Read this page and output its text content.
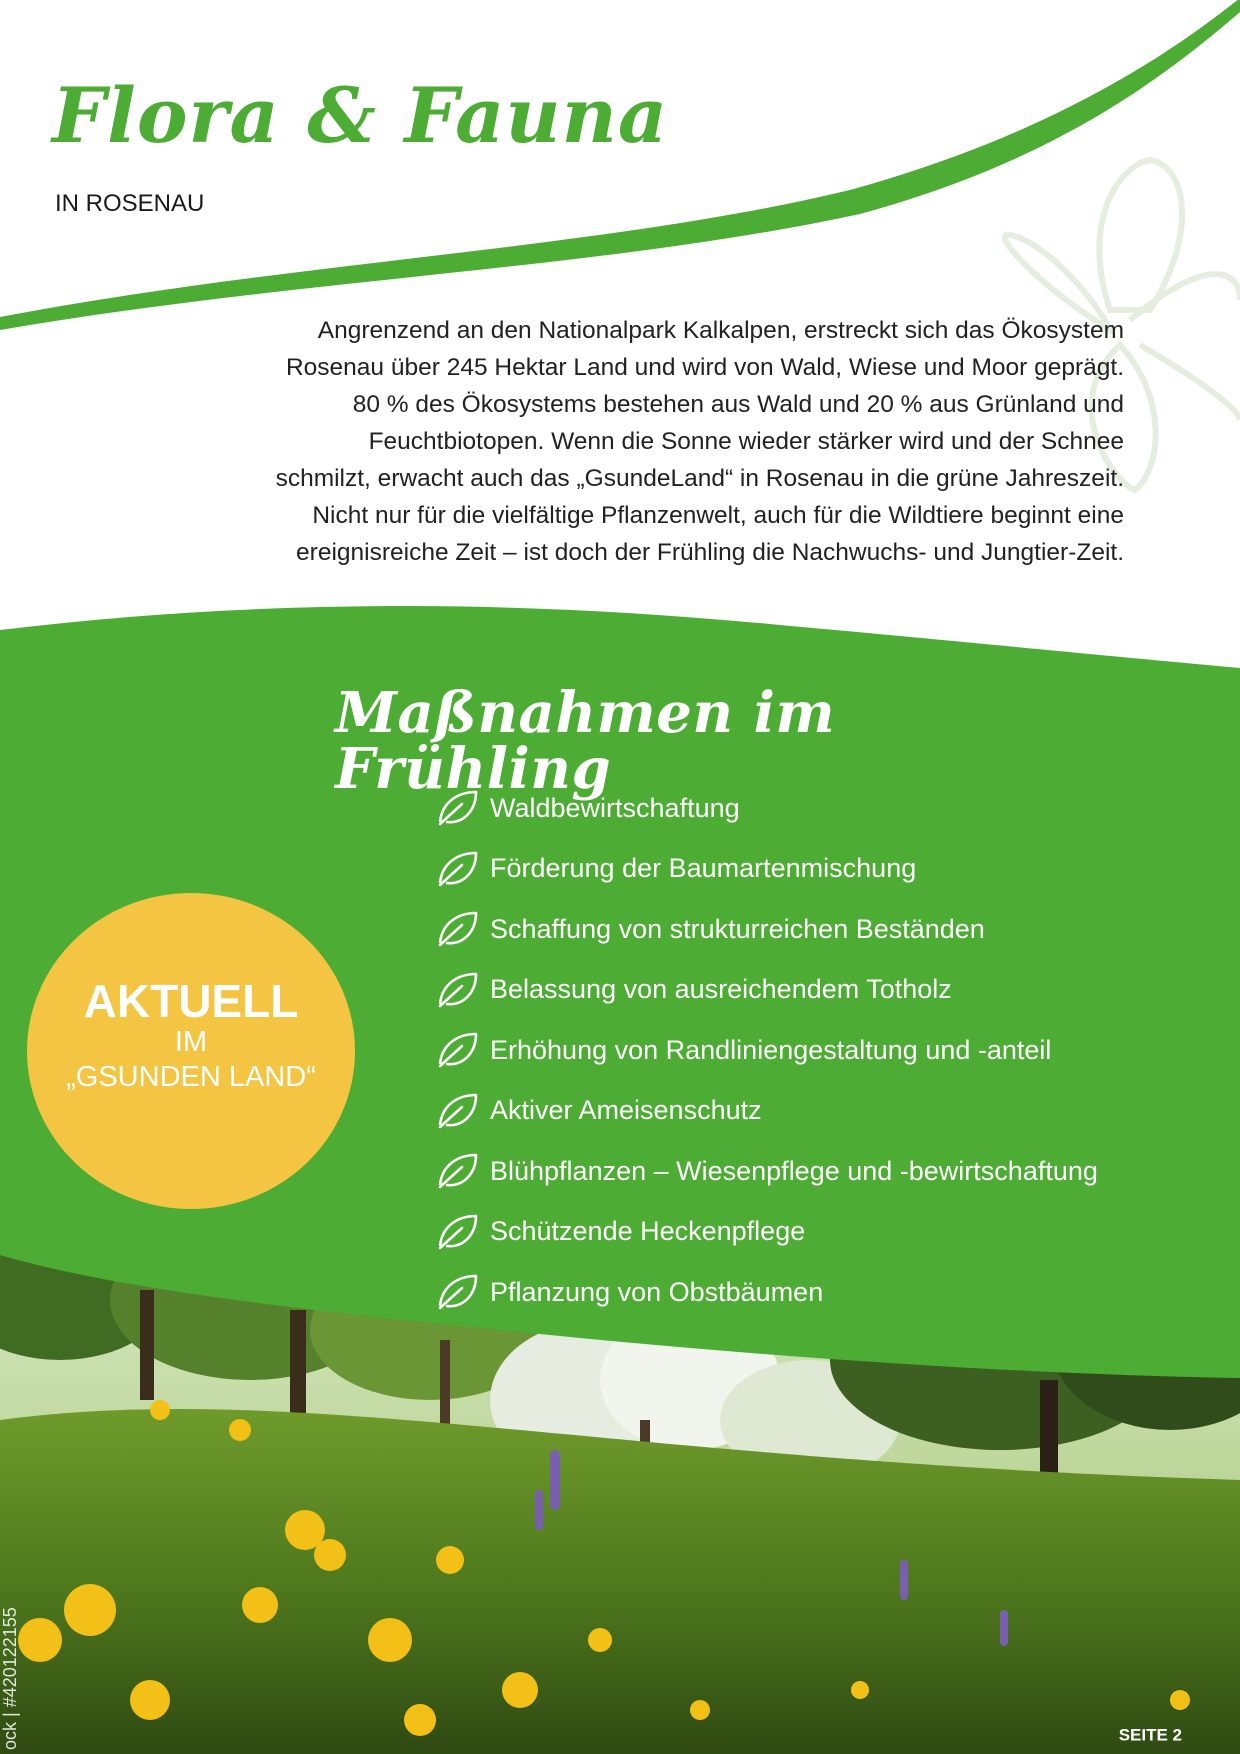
Flora & Fauna

IN ROSENAU

Angrenzend an den Nationalpark Kalkalpen, erstreckt sich das Ökosystem
Rosenau über 245 Hektar Land und wird von Wald, Wiese und Moor geprägt.
80 % des Ökosystems bestehen aus Wald und 20 % aus Grünland und
Feuchtbiotopen. Wenn die Sonne wieder stärker wird und der Schnee
schmilzt, erwacht auch das „GsundeLand“ in Rosenau in die grüne Jahreszeit.
Nicht nur für die vielfältige Pflanzenwelt, auch für die Wildtiere beginnt eine
ereignisreiche Zeit – ist doch der Frühling die Nachwuchs- und Jungtier-Zeit.
Maßnahmen im Frühling
Waldbewirtschaftung
Förderung der Baumartenmischung
Schaffung von strukturreichen Beständen
Belassung von ausreichendem Totholz
Erhöhung von Randliniengestaltung und -anteil
Aktiver Ameisenschutz
Blühpflanzen – Wiesenpflege und -bewirtschaftung
Schützende Heckenpflege
Pflanzung von Obstbäumen
AKTUELL
IM
„GSUNDEN LAND“
ock | #420122155	SEITE 2
